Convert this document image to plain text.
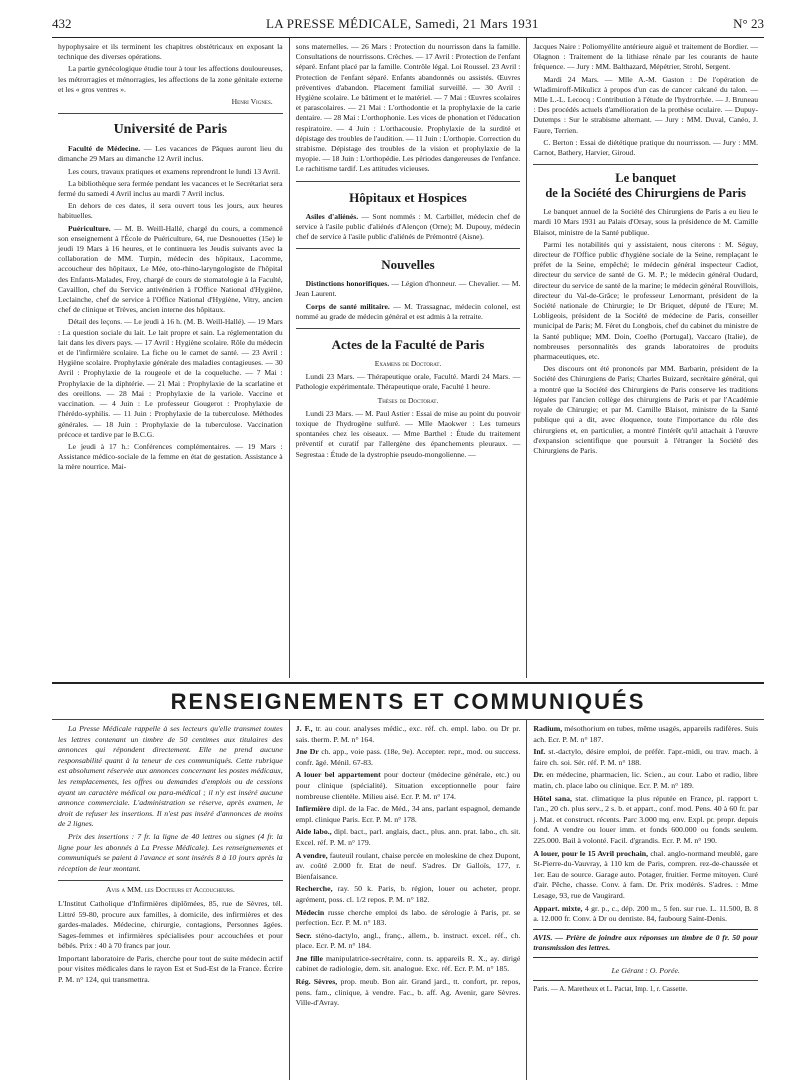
432	LA PRESSE MÉDICALE, Samedi, 21 Mars 1931	N° 23

hypophysaire et ils terminent les chapitres obstétricaux en exposant la technique des diverses opérations.

La partie gynécologique étudie tour à tour les affections douloureuses, les métrorragies et ménorragies, les affections de la zone génitale externe et les « gros ventres ».

Henri Vignes.

Université de Paris

Faculté de Médecine. — Les vacances de Pâques auront lieu du dimanche 29 Mars au dimanche 12 Avril inclus.

Les cours, travaux pratiques et examens reprendront le lundi 13 Avril.

La bibliothèque sera fermée pendant les vacances et le Secrétariat sera fermé du samedi 4 Avril inclus au mardi 7 Avril inclus.

En dehors de ces dates, il sera ouvert tous les jours, aux heures habituelles.

Puériculture. — M. B. Weill-Hallé, chargé du cours, a commencé son enseignement à l'École de Puériculture, 64, rue Desnouettes (15e) le jeudi 19 Mars à 16 heures, et le continuera les Jeudis suivants avec la collaboration de MM. Turpin, médecin des hôpitaux, Lacomme, accoucheur des hôpitaux, Le Mée, oto-rhino-laryngologiste de l'hôpital des Enfants-Malades, Frey, chargé de cours de stomatologie à la Faculté, Cavaillon, chef du Service antivénérien à l'Office National d'Hygiène, Leclainche, chef de service à l'Office National d'Hygiène, Vitry, ancien chef de clinique et Trèves, ancien interne des hôpitaux.

Détail des leçons. — Le jeudi à 16 h. (M. B. Weill-Hallé). — 19 Mars : La question sociale du lait. Le lait propre et sain. La réglementation du lait dans les divers pays. — 17 Avril : Hygiène scolaire. Rôle du médecin et de l'infirmière scolaire. La fiche ou le carnet de santé. — 23 Avril : Hygiène scolaire. Prophylaxie générale des maladies contagieuses. — 30 Avril : Prophylaxie de la rougeole et de la coqueluche. — 7 Mai : Prophylaxie de la diphtérie. — 21 Mai : Prophylaxie de la scarlatine et des oreillons. — 28 Mai : Prophylaxie de la variole. Vaccine et vaccination. — 4 Juin : Le professeur Gougerot : Prophylaxie de l'hérédo-syphilis. — 11 Juin : Prophylaxie de la tuberculose. Méthodes générales. — 18 Juin : Prophylaxie de la tuberculose. Vaccination précoce et tardive par le B.C.G.

Le jeudi à 17 h.: Conférences complémentaires. — 19 Mars : Assistance médico-sociale de la femme en état de gestation. Assistance à la mère nourrice. Mai-

sons maternelles. — 26 Mars : Protection du nourrisson dans la famille. Consultations de nourrissons. Crèches. — 17 Avril : Protection de l'enfant séparé. Enfant placé par la famille. Contrôle légal. Loi Roussel. 23 Avril : Protection de l'enfant séparé. Enfants abandonnés ou assistés. Œuvres préventives d'abandon. Placement familial surveillé. — 30 Avril : Hygiène scolaire. Le bâtiment et le matériel. — 7 Mai : Œuvres scolaires et parascolaires. — 21 Mai : L'orthodontie et la prophylaxie de la carie dentaire. — 28 Mai : L'orthophonie. Les vices de phonation et l'éducation respiratoire. — 4 Juin : L'orthacousie. Prophylaxie de la surdité et dépistage des troubles de l'audition. — 11 Juin : L'orthopie. Correction du strabisme. Dépistage des troubles de la vision et prophylaxie de la myopie. — 18 Juin : L'orthopédie. Les périodes dangereuses de l'enfance. Le rachitisme tardif. Les attitudes vicieuses.

Hôpitaux et Hospices

Asiles d'aliénés. — Sont nommés : M. Carbillet, médecin chef de service à l'asile public d'aliénés d'Alençon (Orne); M. Dupouy, médecin chef de service à l'asile public d'aliénés de Prémontré (Aisne).

Nouvelles

Distinctions honorifiques. — Légion d'honneur. — Chevalier. — M. Jean Laurent.

Corps de santé militaire. — M. Trassagnac, médecin colonel, est nommé au grade de médecin général et est admis à la retraite.

Actes de la Faculté de Paris
Examens de Doctorat.

Lundi 23 Mars. — Thérapeutique orale, Faculté. Mardi 24 Mars. — Pathologie expérimentale. Thérapeutique orale, Faculté 1 heure.

Thèses de Doctorat.

Lundi 23 Mars. — M. Paul Astier : Essai de mise au point du pouvoir toxique de l'hydrogène sulfuré. — Mlle Maokwer : Les tumeurs spontanées chez les oiseaux. — Mme Barthel : Étude du traitement préventif et curatif par l'allergène des épanchements pleuraux. — Segrestaa : Étude de la dystrophie pseudo-mongolienne. —

Jacques Naire : Poliomyélite antérieure aiguë et traitement de Bordier. — Olagnon : Traitement de la lithiase rénale par les courants de haute fréquence. — Jury : MM. Balthazard, Mépétrier, Strohl, Sergent.

Mardi 24 Mars. — Mlle A.-M. Gaston : De l'opération de Wladimiroff-Mikulicz à propos d'un cas de cancer calcané du talon. — Mlle L.-L. Lecocq : Contribution à l'étude de l'hydrorrhée. — J. Bruneau : Des procédés actuels d'amélioration de la prothèse oculaire. — Dupuy-Dutemps : Sur le strabisme alternant. — Jury : MM. Duval, Canéo, J. Faure, Terrien.

C. Berton : Essai de diététique pratique du nourrisson. — Jury : MM. Carnot, Bathery, Harvier, Giroud.

Le banquet
de la Société des Chirurgiens de Paris

Le banquet annuel de la Société des Chirurgiens de Paris a eu lieu le mardi 10 Mars 1931 au Palais d'Orsay, sous la présidence de M. Camille Blaisot, ministre de la Santé publique.

Parmi les notabilités qui y assistaient, nous citerons : M. Séguy, directeur de l'Office public d'hygiène sociale de la Seine, remplaçant le préfet de la Seine, empêché; le médecin général inspecteur Cadiot, directeur du service de santé de G. M. P.; le médecin général Oudard, directeur du service de santé de la marine; le médecin général Rouvillois, directeur du Val-de-Grâce; le professeur Lenormant, président de la Société nationale de Chirurgie; le Dr Briquet, député de l'Eure; M. Lobligeois, président de la Société de médecine de Paris, conseiller municipal de Paris; M. Féret du Longbois, chef du cabinet du ministre de la Santé publique; MM. Doin, Coelho (Portugal), Vaccaro (Italie), de nombreuses personnalités des grands laboratoires de produits pharmaceutiques, etc.

Des discours ont été prononcés par MM. Barbarin, président de la Société des Chirurgiens de Paris; Charles Buizard, secrétaire général, qui a montré que la Société des Chirurgiens de Paris conserve les traditions léguées par l'ancien collège des chirurgiens de Paris et par l'Académie royale de Chirurgie; et par M. Camille Blaisot, ministre de la Santé publique qui a dit, avec éloquence, toute l'importance du rôle des chirurgiens et, en particulier, a montré l'intérêt qu'il attachait à l'œuvre d'expansion scientifique que poursuit à l'étranger la Société des Chirurgiens de Paris.

RENSEIGNEMENTS ET COMMUNIQUÉS

La Presse Médicale rappelle à ses lecteurs qu'elle transmet toutes les lettres contenant un timbre de 50 centimes aux titulaires des annonces qui répondent directement. Elle ne prend aucune responsabilité quant à la teneur de ces communiqués. Cette rubrique est absolument réservée aux annonces concernant les postes médicaux, les remplacements, les offres ou demandes d'emplois ou de cessions ayant un caractère médical ou para-médical ; il n'y est inséré aucune annonce commerciale. L'administration se réserve, après examen, le droit de refuser les insertions. Il n'est pas inséré d'annonces de moins de 2 lignes.

Prix des insertions : 7 fr. la ligne de 40 lettres ou signes (4 fr. la ligne pour les abonnés à La Presse Médicale). Les renseignements et communiqués se paient à l'avance et sont insérés 8 à 10 jours après la réception de leur montant.

Avis a MM. les Docteurs et Accoucheurs.

L'Institut Catholique d'Infirmières diplômées, 85, rue de Sèvres, tél. Littré 59-80, procure aux familles, à domicile, des infirmières et des gardes-malades. Médecine, chirurgie, contagions, Personnes âgées. Sages-femmes et infirmières spécialisées pour accouchées et pour bébés. Prix : 40 à 70 francs par jour.

Important laboratoire de Paris, cherche pour tout de suite médecin actif pour visites médicales dans le rayon Est et Sud-Est de la France. Écrire P. M. n° 124, qui transmettra.

J. F., tr. au cour. analyses médic., exc. réf. ch. empl. labo. ou Dr pr. sais. therm. P. M. n° 164.

Jne Dr ch. app., voie pass. (18e, 9e). Accepter. repr., mod. ou success. confr. âgé. Ménil. 67-83.

A louer bel appartement pour docteur (médecine générale, etc.) ou pour clinique (spécialité). Situation exceptionnelle pour faire nombreuse clientèle. Milieu aisé. Ecr. P. M. n° 174.

Infirmière dipl. de la Fac. de Méd., 34 ans, parlant espagnol, demande empl. clinique Paris. Ecr. P. M. n° 178.

Aide labo., dipl. bact., parl. anglais, dact., plus. ann. prat. labo., ch. sit. Excel. réf. P. M. n° 179.

A vendre, fauteuil roulant, chaise percée en moleskine de chez Dupont, av. coûté 2.000 fr. Etat de neuf. S'adres. Dr Galloïs, 177, r. Bienfaisance.

Recherche, ray. 50 k. Paris, b. région, louer ou acheter, propr. agrément, poss. cl. 1/2 repos. P. M. n° 182.

Médecin russe cherche emploi ds labo. de sérologie à Paris, pr. se perfection. Ecr. P. M. n° 183.

Secr. sténo-dactylo, angl., franç., allem., b. instruct. excel. réf., ch. place. Ecr. P. M. n° 184.

Jne fille manipulatrice-secrétaire, conn. ts. appareils R. X., ay. dirigé cabinet de radiologie, dem. sit. analogue. Exc. réf. Ecr. P. M. n° 185.

Rég. Sèvres, prop. meub. Bon air. Grand jard., tt. confort, pr. repos, pens. fam., clinique, à vendre. Fac., b. aff. Ag. Avenir, gare Sèvres. Ville-d'Avray.

Radium, mésothorium en tubes, même usagés, appareils radifères. Suis ach. Ecr. P. M. n° 187.

Inf. st.-dactylo, désire emploi, de préfér. l'apr.-midi, ou trav. mach. à faire ch. soi. Sér. réf. P. M. n° 188.

Dr. en médecine, pharmacien, lic. Scien., au cour. Labo et radio, libre matin, ch. place labo ou clinique. Ecr. P. M. n° 189.

Hôtel sana, stat. climatique la plus réputée en France, pl. rapport t. l'an., 20 ch. plus serv., 2 s. b. et appart., conf. mod. Pens. 40 à 60 fr. par j. Mat. et construct. récents. Parc 3.000 mq. env. Expl. pr. propr. depuis fond. A vendre ou louer imm. et fonds 600.000 ou fonds seulem. 225.000. Bail à volonté. Facil. d'grandis. Ecr. P. M. n° 190.

A louer, pour le 15 Avril prochain, chal. anglo-normand meublé, gare St-Pierre-du-Vauvray, à 110 km de Paris, compren. rez-de-chaussée et 1er. Eau de source. Garage auto. Potager, fruitier. Ferme mitoyen. Curé d'air. Pêche, chasse. Conv. à fam. Dr. Prix modérés. S'adres. : Mme Lesage, 93, rue de Vaugirard.

Appart. mixte, 4 gr. p., c., dép. 200 m., 5 fen. sur rue. L. 11.500, B. 8 a. 12.000 fr. Conv. à Dr ou dentiste. 84, faubourg Saint-Denis.

AVIS. — Prière de joindre aux réponses un timbre de 0 fr. 50 pour transmission des lettres.
Le Gérant : O. Porée.
Paris. — A. Maretheux et L. Pactat, Imp. 1, r. Cassette.
